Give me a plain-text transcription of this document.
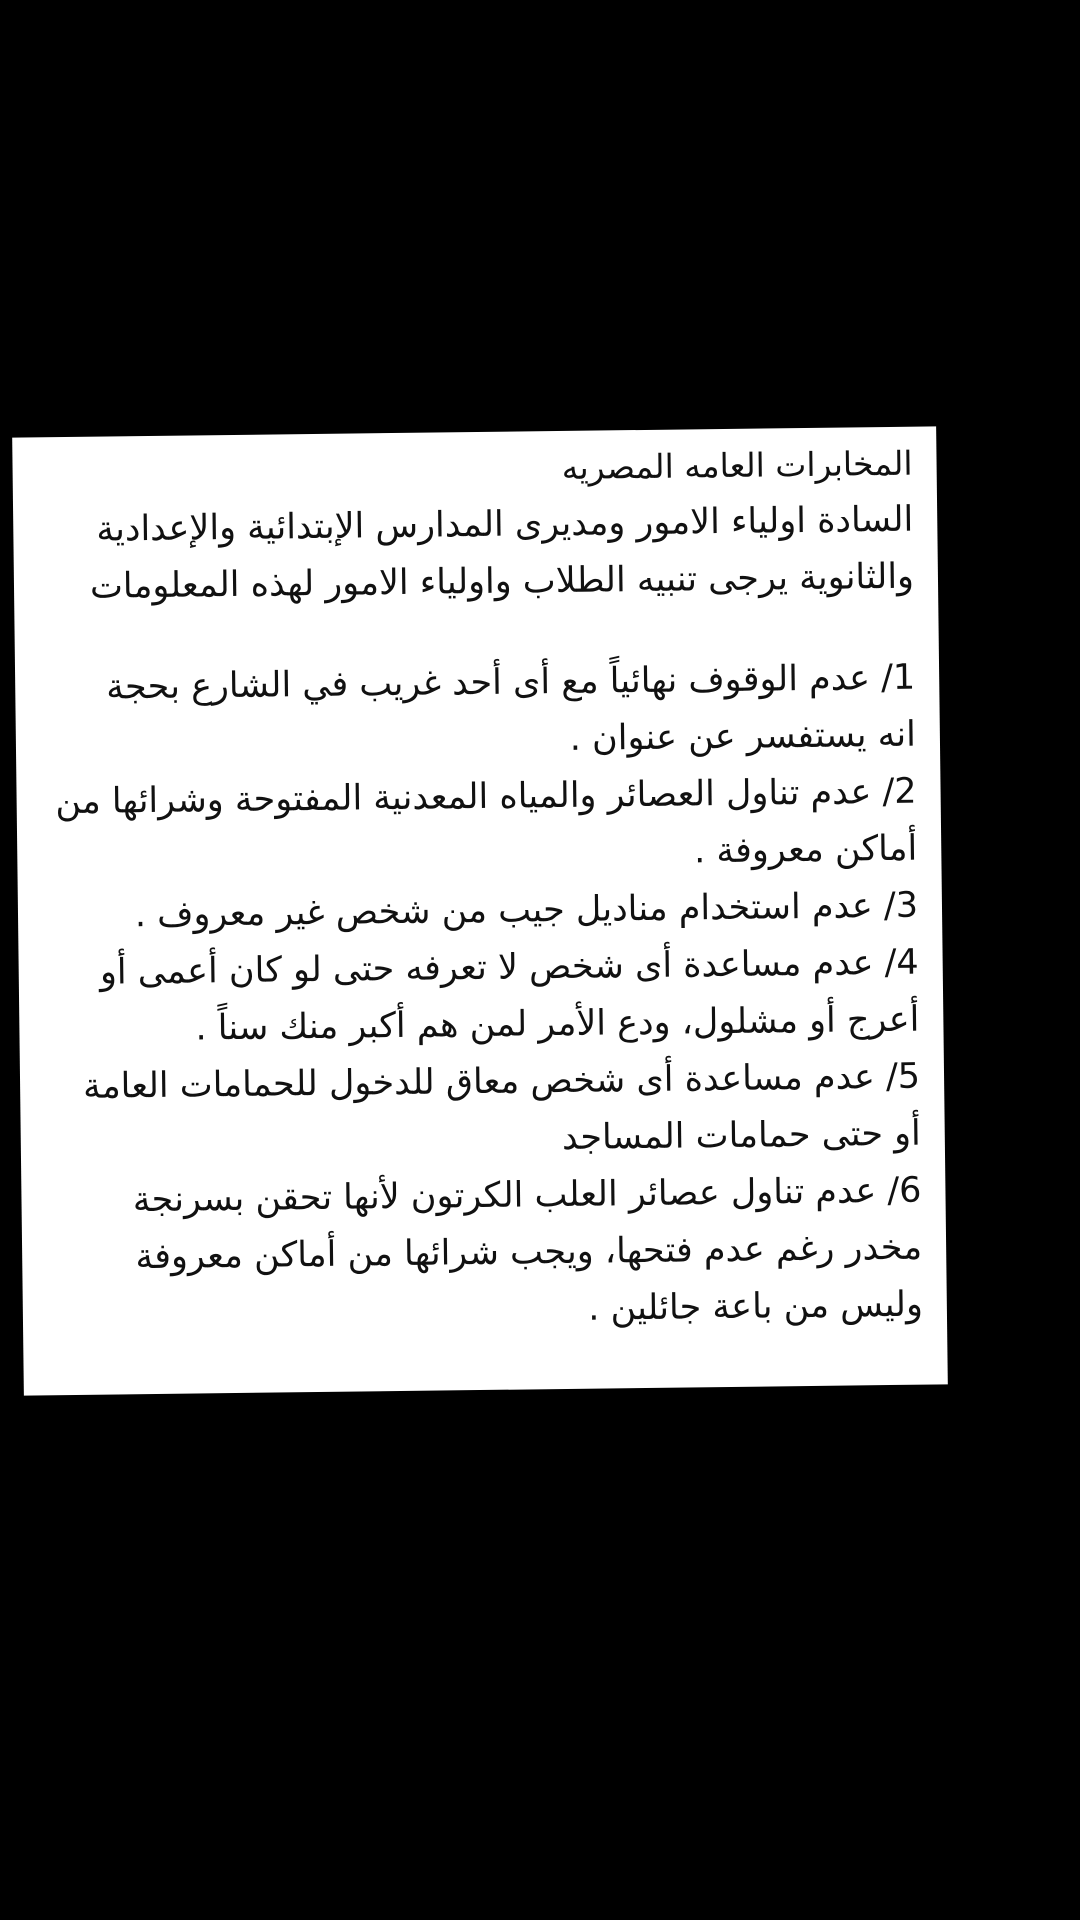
المخابرات العامه المصريه
السادة اولياء الامور ومديرى المدارس الإبتدائية والإعدادية
والثانوية يرجى تنبيه الطلاب واولياء الامور لهذه المعلومات
1/ عدم الوقوف نهائياً مع أى أحد غريب في الشارع بحجة
انه يستفسر عن عنوان .
2/ عدم تناول العصائر والمياه المعدنية المفتوحة وشرائها من
أماكن معروفة .
3/ عدم استخدام مناديل جيب من شخص غير معروف .
4/ عدم مساعدة أى شخص لا تعرفه حتى لو كان أعمى أو
أعرج أو مشلول، ودع الأمر لمن هم أكبر منك سناً .
5/ عدم مساعدة أى شخص معاق للدخول للحمامات العامة
أو حتى حمامات المساجد
6/ عدم تناول عصائر العلب الكرتون لأنها تحقن بسرنجة
مخدر رغم عدم فتحها، ويجب شرائها من أماكن معروفة
وليس من باعة جائلين .
